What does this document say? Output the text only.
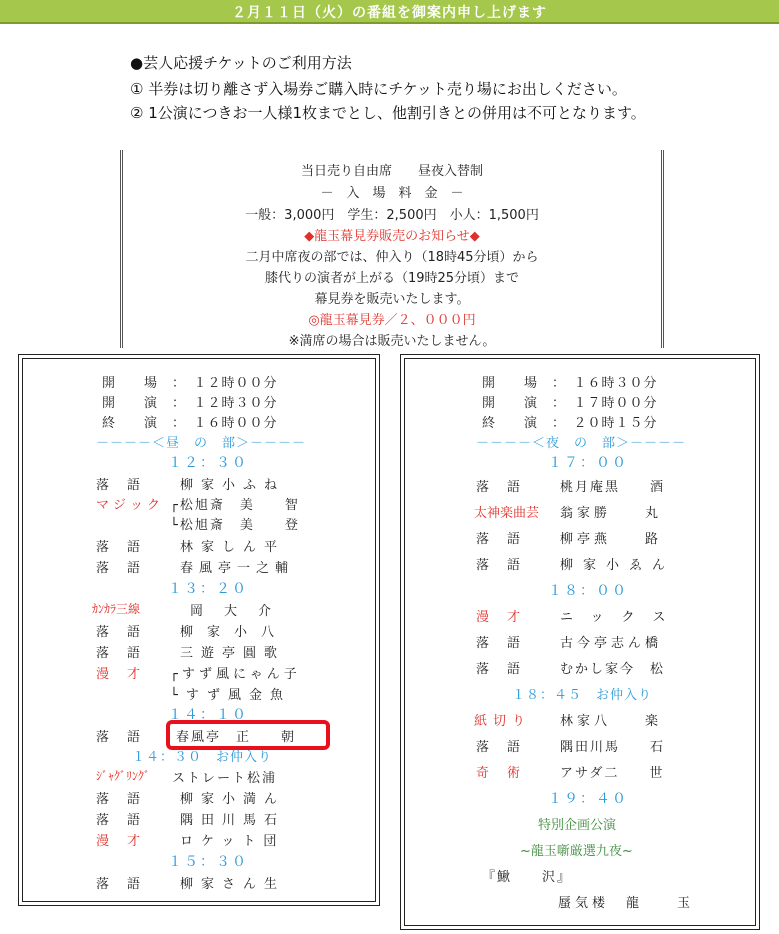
２月１１日（火）の番組を御案内申し上げます
●芸人応援チケットのご利用方法
① 半券は切り離さず入場券ご購入時にチケット売り場にお出しください。
② 1公演につきお一人様1枚までとし、他割引きとの併用は不可となります。
当日売り自由席　　昼夜入替制
－　入　場　料　金　－
一般：3,000円　学生：2,500円　小人：1,500円
◆龍玉幕見券販売のお知らせ◆
二月中席夜の部では、仲入り（18時45分頃）から
膝代りの演者が上がる（19時25分頃）まで
幕見券を販売いたします。
◎龍玉幕見券／２、０００円
※満席の場合は販売いたしません。
開　　場　：　１２時００分
開　　演　：　１２時３０分
終　　演　：　１６時００分
－－－－＜昼　の　部＞－－－－
１２：３０
落語 柳家小ふね
マジック ┌松旭斎　美　　智
└松旭斎　美　　登
落語 林家しん平
落語 春風亭一之輔
１３：２０
ｶﾝｶﾗ三線	岡　大　介
落語 柳家小八
落語 三遊亭圓歌
漫才 ┌すず風にゃん子
└すず風金魚
１４：１０
落語 春風亭　正　　朝
１４：３０　お仲入り
ｼﾞｬｸﾞﾘﾝｸﾞ ストレート松浦
落語 柳家小満ん
落語 隅田川馬石
漫才 ロケット団
１５：３０
落語 柳家さん生
開　　場　：　１６時３０分
開　　演　：　１７時００分
終　　演　：　２０時１５分
－－－－＜夜　の　部＞－－－－
１７：００
落語 桃月庵黒　　酒
太神楽曲芸 翁家勝　　丸
落語 柳亭燕　　路
落語 柳家小ゑん
１８：００
漫才 ニックス
落語 古今亭志ん橋
落語 むかし家今　松
１８：４５　お仲入り
紙切り 林家八　　楽
落語 隅田川馬　　石
奇術 アサダ二　　世
１９：４０
特別企画公演
~龍玉噺厳選九夜~
『鰍　　沢』
蜃気楼　龍　　玉
